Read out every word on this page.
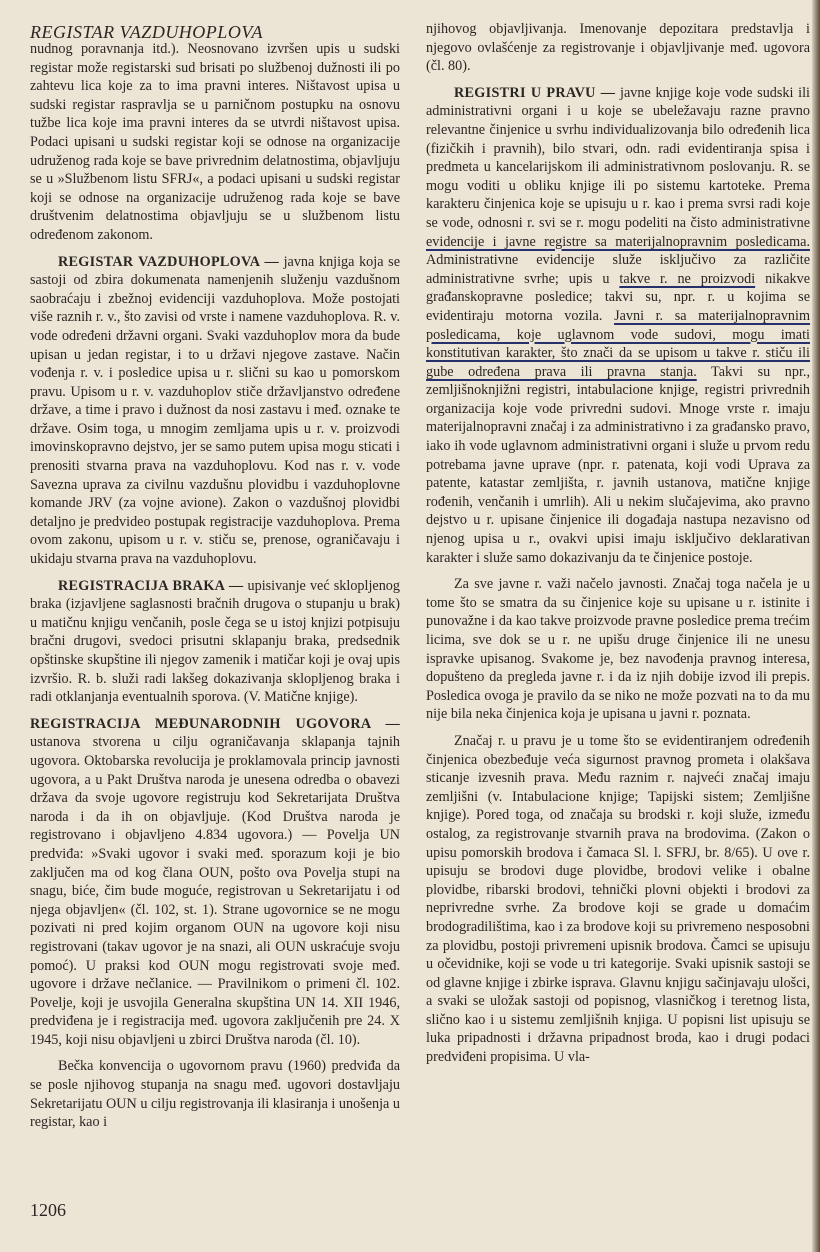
REGISTAR VAZDUHOPLOVA

nudnog poravnanja itd.). Neosnovano izvršen upis u sudski registar može registarski sud brisati po službenoj dužnosti ili po zahtevu lica koje za to ima pravni interes. Ništavost upisa u sudski registar raspravlja se u parničnom postupku na osnovu tužbe lica koje ima pravni interes da se utvrdi ništavost upisa. Podaci upisani u sudski registar koji se odnose na organizacije udruženog rada koje se bave privrednim delatnostima, objavljuju se u »Službenom listu SFRJ«, a podaci upisani u sudski registar koji se odnose na organizacije udruženog rada koje se bave društvenim delatnostima objavljuju se u službenom listu određenom zakonom.

REGISTAR VAZDUHOPLOVA — javna knjiga koja se sastoji od zbira dokumenata namenjenih služenju vazdušnom saobraćaju i zbežnoj evidenciji vazduhoplova. Može postojati više raznih r. v., što zavisi od vrste i namene vazduhoplova. R. v. vode određeni državni organi. Svaki vazduhoplov mora da bude upisan u jedan registar, i to u državi njegove zastave. Način vođenja r. v. i posledice upisa u r. slični su kao u pomorskom pravu. Upisom u r. v. vazduhoplov stiče državljanstvo određene države, a time i pravo i dužnost da nosi zastavu i međ. oznake te države. Osim toga, u mnogim zemljama upis u r. v. proizvodi imovinskopravno dejstvo, jer se samo putem upisa mogu sticati i prenositi stvarna prava na vazduhoplovu. Kod nas r. v. vode Savezna uprava za civilnu vazdušnu plovidbu i vazduhoplovne komande JRV (za vojne avione). Zakon o vazdušnoj plovidbi detaljno je predvideo postupak registracije vazduhoplova. Prema ovom zakonu, upisom u r. v. stiču se, prenose, ograničavaju i ukidaju stvarna prava na vazduhoplovu.

REGISTRACIJA BRAKA — upisivanje već sklopljenog braka (izjavljene saglasnosti bračnih drugova o stupanju u brak) u matičnu knjigu venčanih, posle čega se u istoj knjizi potpisuju bračni drugovi, svedoci prisutni sklapanju braka, predsednik opštinske skupštine ili njegov zamenik i matičar koji je ovaj upis izvršio. R. b. služi radi lakšeg dokazivanja sklopljenog braka i radi otklanjanja eventualnih sporova. (V. Matične knjige).

REGISTRACIJA MEĐUNARODNIH UGOVORA — ustanova stvorena u cilju ograničavanja sklapanja tajnih ugovora. Oktobarska revolucija je proklamovala princip javnosti ugovora, a u Pakt Društva naroda je unesena odredba o obavezi država da svoje ugovore registruju kod Sekretarijata Društva naroda i da ih on objavljuje. (Kod Društva naroda je registrovano i objavljeno 4.834 ugovora.) — Povelja UN predviđa: »Svaki ugovor i svaki međ. sporazum koji je bio zaključen ma od kog člana OUN, pošto ova Povelja stupi na snagu, biće, čim bude moguće, registrovan u Sekretarijatu i od njega objavljen« (čl. 102, st. 1). Strane ugovornice se ne mogu pozivati ni pred kojim organom OUN na ugovore koji nisu registrovani (takav ugovor je na snazi, ali OUN uskraćuje svoju pomoć). U praksi kod OUN mogu registrovati svoje međ. ugovore i države nečlanice. — Pravilnikom o primeni čl. 102. Povelje, koji je usvojila Generalna skupština UN 14. XII 1946, predviđena je i registracija međ. ugovora zaključenih pre 24. X 1945, koji nisu objavljeni u zbirci Društva naroda (čl. 10).

Bečka konvencija o ugovornom pravu (1960) predviđa da se posle njihovog stupanja na snagu međ. ugovori dostavljaju Sekretarijatu OUN u cilju registrovanja ili klasiranja i unošenja u registar, kao i

njihovog objavljivanja. Imenovanje depozitara predstavlja i njegovo ovlašćenje za registrovanje i objavljivanje međ. ugovora (čl. 80).

REGISTRI U PRAVU — javne knjige koje vode sudski ili administrativni organi i u koje se ubeležavaju razne pravno relevantne činjenice u svrhu individualizovanja bilo određenih lica (fizičkih i pravnih), bilo stvari, odn. radi evidentiranja spisa i predmeta u kancelarijskom ili administrativnom poslovanju. R. se mogu voditi u obliku knjige ili po sistemu kartoteke. Prema karakteru činjenica koje se upisuju u r. kao i prema svrsi radi koje se vode, odnosni r. svi se r. mogu podeliti na čisto administrativne evidencije i javne registre sa materijalnopravnim posledicama. Administrativne evidencije služe isključivo za različite administrativne svrhe; upis u takve r. ne proizvodi nikakve građanskopravne posledice; takvi su, npr. r. u kojima se evidentiraju motorna vozila. Javni r. sa materijalnopravnim posledicama, koje uglavnom vode sudovi, mogu imati konstitutivan karakter, što znači da se upisom u takve r. stiču ili gube određena prava ili pravna stanja. Takvi su npr., zemljišnoknjižni registri, intabulacione knjige, registri privrednih organizacija koje vode privredni sudovi. Mnoge vrste r. imaju materijalnopravni značaj i za administrativno i za građansko pravo, iako ih vode uglavnom administrativni organi i služe u prvom redu potrebama javne uprave (npr. r. patenata, koji vodi Uprava za patente, katastar zemljišta, r. javnih ustanova, matične knjige rođenih, venčanih i umrlih). Ali u nekim slučajevima, ako pravno dejstvo u r. upisane činjenice ili događaja nastupa nezavisno od njenog upisa u r., ovakvi upisi imaju isključivo deklarativan karakter i služe samo dokazivanju da te činjenice postoje.

Za sve javne r. važi načelo javnosti. Značaj toga načela je u tome što se smatra da su činjenice koje su upisane u r. istinite i punovažne i da kao takve proizvode pravne posledice prema trećim licima, sve dok se u r. ne upišu druge činjenice ili ne unesu ispravke upisanog. Svakome je, bez navođenja pravnog interesa, dopušteno da pregleda javne r. i da iz njih dobije izvod ili prepis. Posledica ovoga je pravilo da se niko ne može pozvati na to da mu nije bila neka činjenica koja je upisana u javni r. poznata.

Značaj r. u pravu je u tome što se evidentiranjem određenih činjenica obezbeđuje veća sigurnost pravnog prometa i olakšava sticanje izvesnih prava. Među raznim r. najveći značaj imaju zemljišni (v. Intabulacione knjige; Tapijski sistem; Zemljišne knjige). Pored toga, od značaja su brodski r. koji služe, između ostalog, za registrovanje stvarnih prava na brodovima. (Zakon o upisu pomorskih brodova i čamaca Sl. l. SFRJ, br. 8/65). U ove r. upisuju se brodovi duge plovidbe, brodovi velike i obalne plovidbe, ribarski brodovi, tehnički plovni objekti i brodovi za neprivredne svrhe. Za brodove koji se grade u domaćim brodogradilištima, kao i za brodove koji su privremeno nesposobni za plovidbu, postoji privremeni upisnik brodova. Čamci se upisuju u očevidnike, koji se vode u tri kategorije. Svaki upisnik sastoji se od glavne knjige i zbirke isprava. Glavnu knjigu sačinjavaju ulošci, a svaki se uložak sastoji od popisnog, vlasničkog i teretnog lista, slično kao i u sistemu zemljišnih knjiga. U popisni list upisuju se luka pripadnosti i državna pripadnost broda, kao i drugi podaci predviđeni propisima. U vla-

1206
